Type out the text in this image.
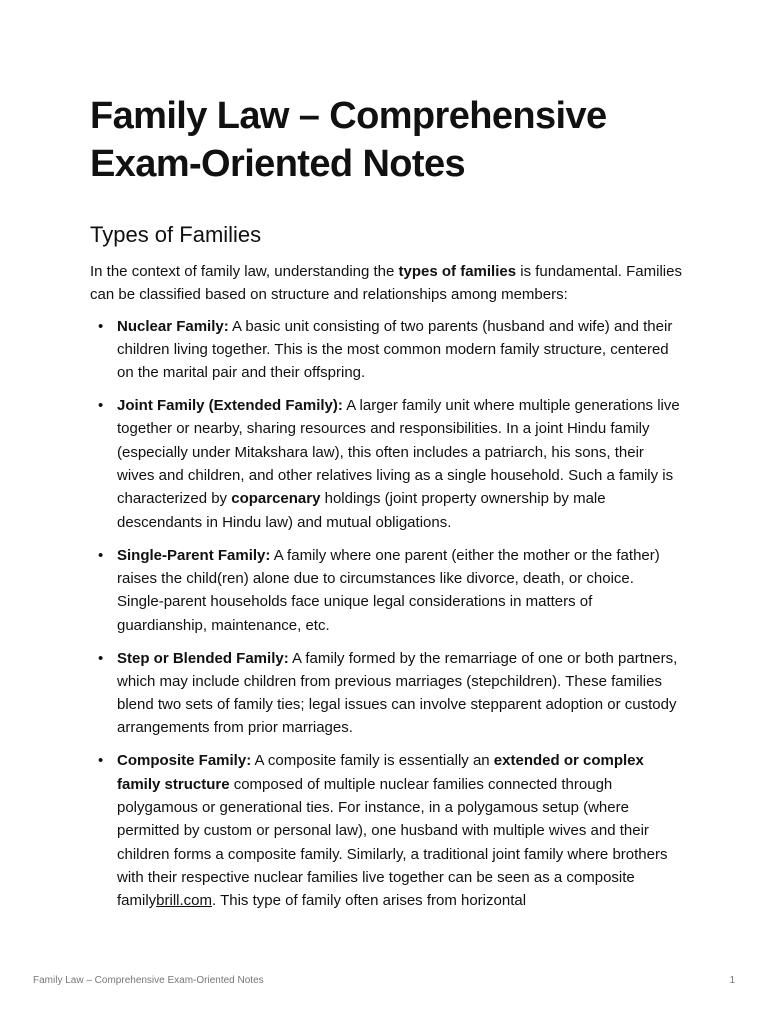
Family Law – Comprehensive Exam-Oriented Notes
Types of Families

In the context of family law, understanding the types of families is fundamental. Families can be classified based on structure and relationships among members:

• Nuclear Family: A basic unit consisting of two parents (husband and wife) and their children living together. This is the most common modern family structure, centered on the marital pair and their offspring.
• Joint Family (Extended Family): A larger family unit where multiple generations live together or nearby, sharing resources and responsibilities. In a joint Hindu family (especially under Mitakshara law), this often includes a patriarch, his sons, their wives and children, and other relatives living as a single household. Such a family is characterized by coparcenary holdings (joint property ownership by male descendants in Hindu law) and mutual obligations.
• Single-Parent Family: A family where one parent (either the mother or the father) raises the child(ren) alone due to circumstances like divorce, death, or choice. Single-parent households face unique legal considerations in matters of guardianship, maintenance, etc.
• Step or Blended Family: A family formed by the remarriage of one or both partners, which may include children from previous marriages (stepchildren). These families blend two sets of family ties; legal issues can involve stepparent adoption or custody arrangements from prior marriages.
• Composite Family: A composite family is essentially an extended or complex family structure composed of multiple nuclear families connected through polygamous or generational ties. For instance, in a polygamous setup (where permitted by custom or personal law), one husband with multiple wives and their children forms a composite family. Similarly, a traditional joint family where brothers with their respective nuclear families live together can be seen as a composite familybrill.com. This type of family often arises from horizontal
Family Law – Comprehensive Exam-Oriented Notes	1
